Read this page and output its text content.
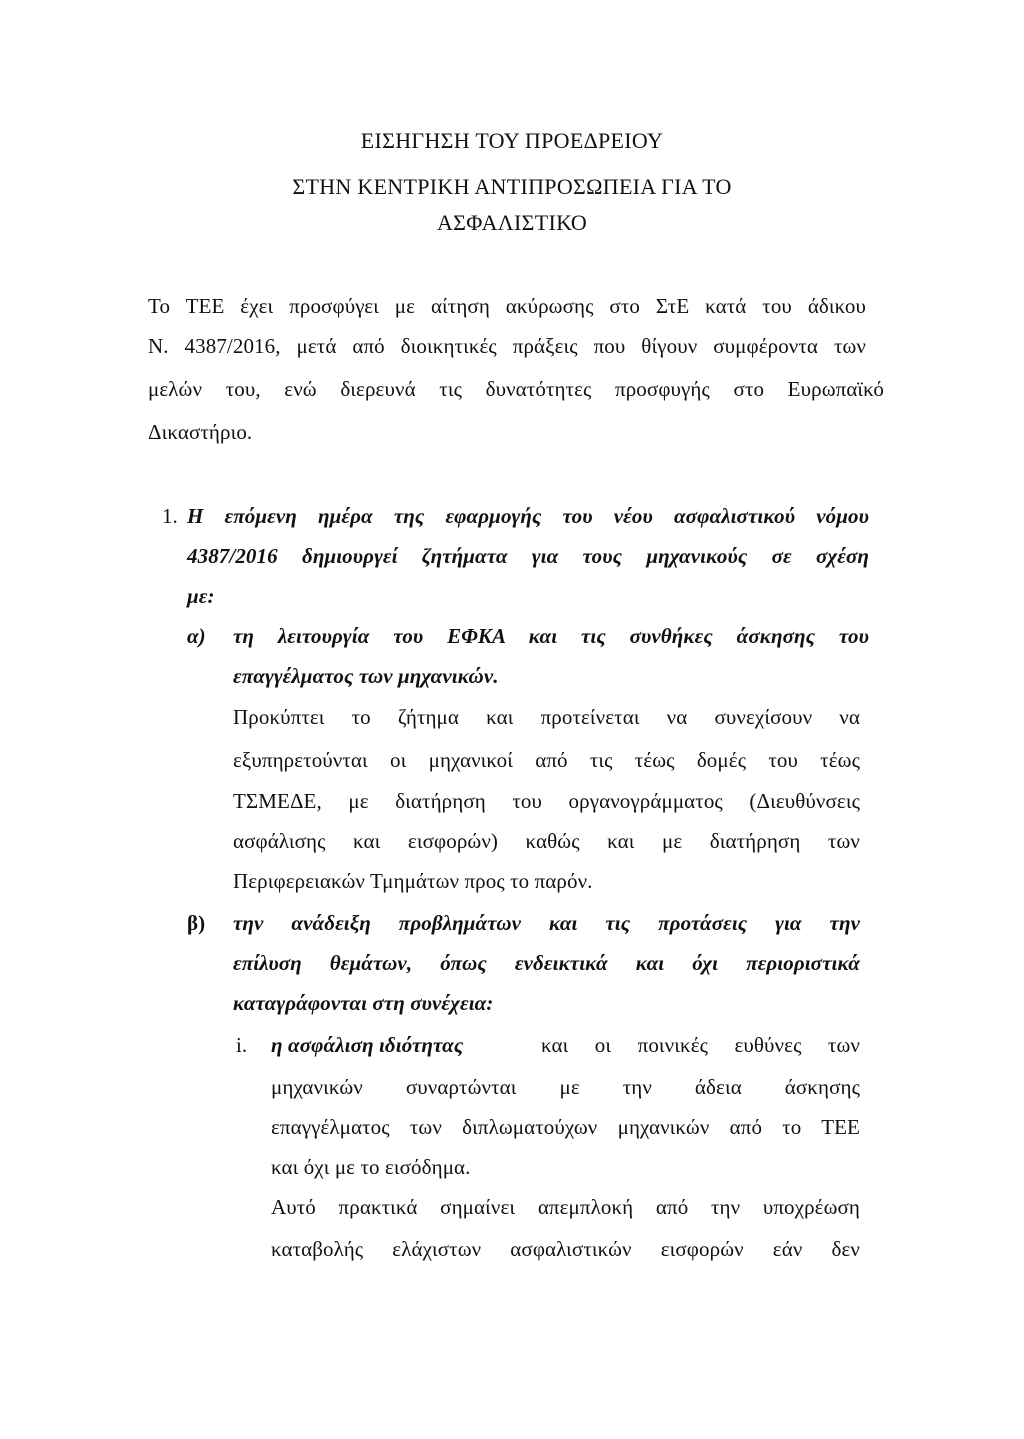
ΕΙΣΗΓΗΣΗ ΤΟΥ ΠΡΟΕΔΡΕΙΟΥ
ΣΤΗΝ ΚΕΝΤΡΙΚΗ ΑΝΤΙΠΡΟΣΩΠΕΙΑ ΓΙΑ ΤΟ
ΑΣΦΑΛΙΣΤΙΚΟ
Το ΤΕΕ έχει προσφύγει με αίτηση ακύρωσης στο ΣτΕ κατά του άδικου
Ν. 4387/2016, μετά από διοικητικές πράξεις που θίγουν συμφέροντα των
μελών του, ενώ διερευνά τις δυνατότητες προσφυγής στο Ευρωπαϊκό
Δικαστήριο.
1. Η επόμενη ημέρα της εφαρμογής του νέου ασφαλιστικού νόμου
4387/2016 δημιουργεί ζητήματα για τους μηχανικούς σε σχέση
με:
α) τη λειτουργία του ΕΦΚΑ και τις συνθήκες άσκησης του
επαγγέλματος των μηχανικών.
Προκύπτει το ζήτημα και προτείνεται να συνεχίσουν να
εξυπηρετούνται οι μηχανικοί από τις τέως δομές του τέως
ΤΣΜΕΔΕ, με διατήρηση του οργανογράμματος (Διευθύνσεις
ασφάλισης και εισφορών) καθώς και με διατήρηση των
Περιφερειακών Τμημάτων προς το παρόν.
β) την ανάδειξη προβλημάτων και τις προτάσεις για την
επίλυση θεμάτων, όπως ενδεικτικά και όχι περιοριστικά
καταγράφονται στη συνέχεια:
i. η ασφάλιση ιδιότητας	και οι ποινικές ευθύνες των
μηχανικών συναρτώνται με την άδεια άσκησης
επαγγέλματος των διπλωματούχων μηχανικών από το ΤΕΕ
και όχι με το εισόδημα.
Αυτό πρακτικά σημαίνει απεμπλοκή από την υποχρέωση
καταβολής ελάχιστων ασφαλιστικών εισφορών εάν δεν
